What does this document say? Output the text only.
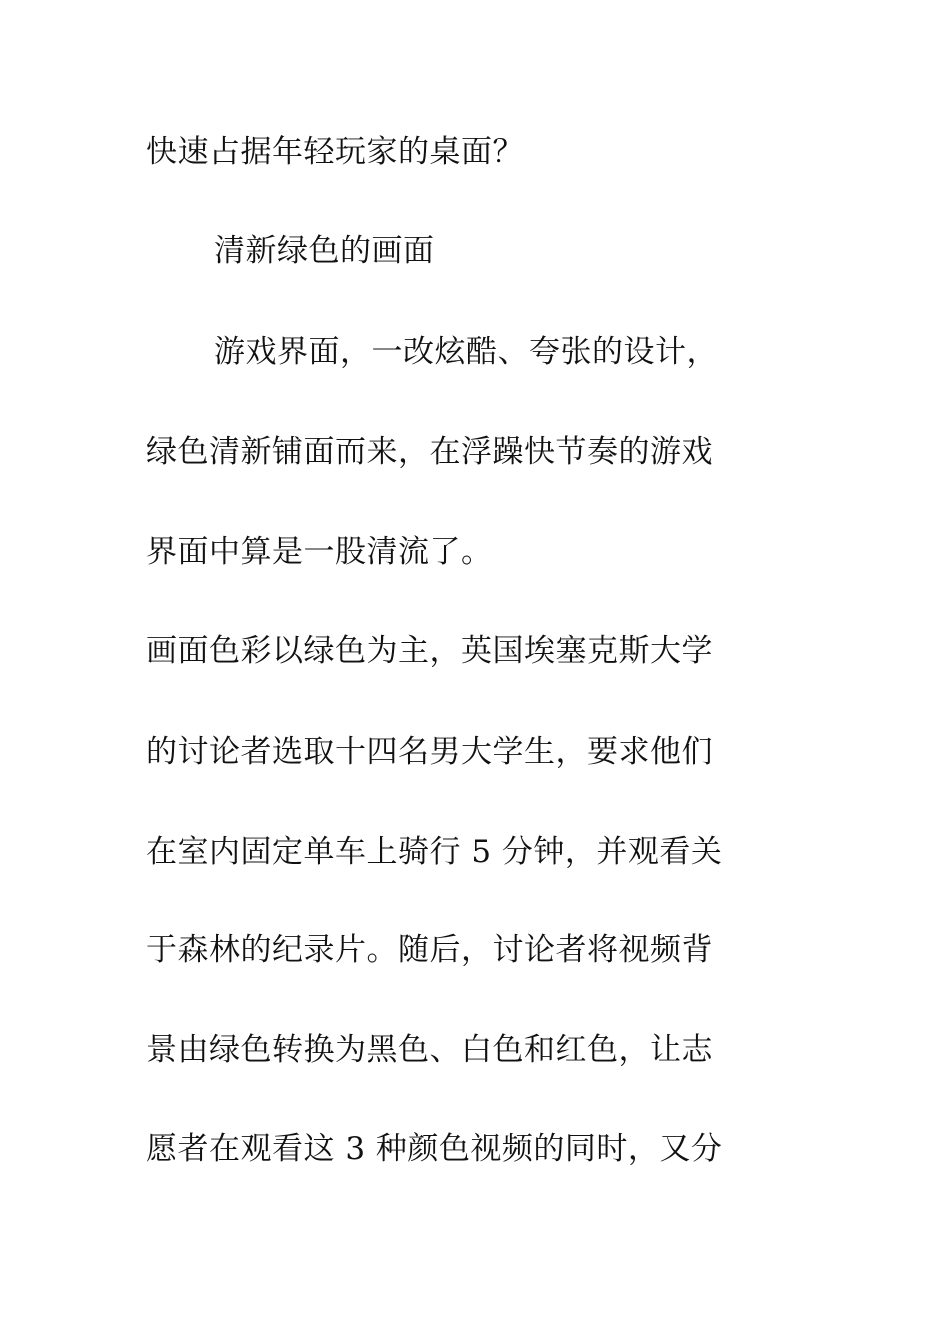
快速占据年轻玩家的桌面？
清新绿色的画面
游戏界面，一改炫酷、夸张的设计，
绿色清新铺面而来，在浮躁快节奏的游戏
界面中算是一股清流了。
画面色彩以绿色为主，英国埃塞克斯大学
的讨论者选取十四名男大学生，要求他们
在室内固定单车上骑行 5 分钟，并观看关
于森林的纪录片。随后，讨论者将视频背
景由绿色转换为黑色、白色和红色，让志
愿者在观看这 3 种颜色视频的同时，又分
